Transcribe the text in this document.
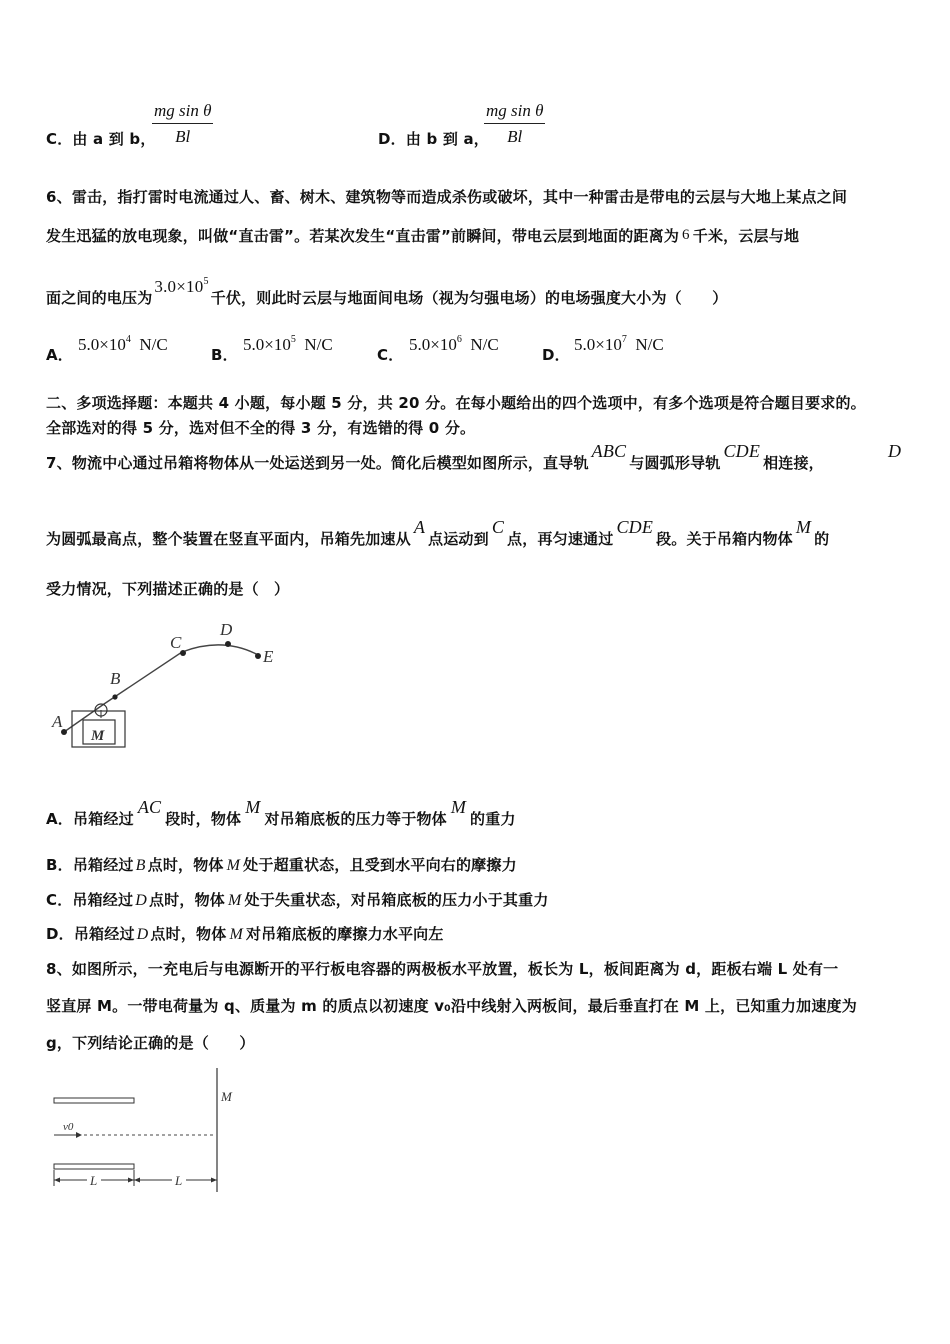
C．由 a 到 b，
$\frac{\text{mg sin θ}}{Bl}$	D．由 b 到 a，
$\frac{\text{mg sin θ}}{Bl}$
6、雷击，指打雷时电流通过人、畜、树木、建筑物等而造成杀伤或破坏，其中一种雷击是带电的云层与大地上某点之间
发生迅猛的放电现象，叫做“直击雷”。若某次发生“直击雷”前瞬间，带电云层到地面的距离为 6 千米，云层与地
面之间的电压为$3.0\times 10^5$千伏，则此时云层与地面间电场（视为匀强电场）的电场强度大小为（　　）
A．
$5.0\times 10^4$ N/C
B．
$5.0\times 10^5$ N/C
C．
$5.0\times 10^6$ N/C
D．
$5.0\times 10^7$ N/C
二、多项选择题：本题共 4 小题，每小题 5 分，共 20 分。在每小题给出的四个选项中，有多个选项是符合题目要求的。
全部选对的得 5 分，选对但不全的得 3 分，有选错的得 0 分。
7、物流中心通过吊箱将物体从一处运送到另一处。简化后模型如图所示，直导轨ABC与圆弧形导轨CDE相连接，
D
为圆弧最高点，整个装置在竖直平面内，吊箱先加速从A点运动到C点，再匀速通过CDE段。关于吊箱内物体M的
受力情况，下列描述正确的是（　）
A
B
C
D
E
M
A．吊箱经过AC段时，物体M对吊箱底板的压力等于物体M的重力
B．吊箱经过 B 点时，物体 M 处于超重状态，且受到水平向右的摩擦力
C．吊箱经过 D 点时，物体 M 处于失重状态，对吊箱底板的压力小于其重力
D．吊箱经过 D 点时，物体 M 对吊箱底板的摩擦力水平向左
8、如图所示，一充电后与电源断开的平行板电容器的两极板水平放置，板长为 L，板间距离为 d，距板右端 L 处有一
竖直屏 M。一带电荷量为 q、质量为 m 的质点以初速度 v₀沿中线射入两板间，最后垂直打在 M 上，已知重力加速度为
g，下列结论正确的是（　　）
v0
M
L	L
